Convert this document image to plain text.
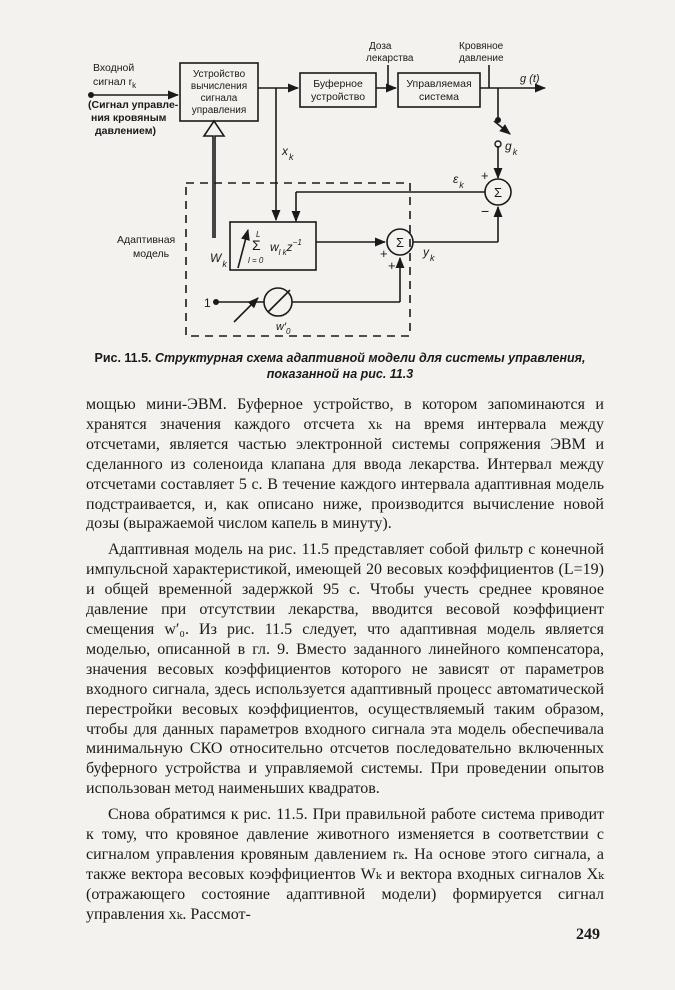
Входной
сигнал $r_k$
(Сигнал управле-
ния кровяным
давлением)
Устройство
вычисления
сигнала
управления
Буферное
устройство
Управляемая
система
Доза
лекарства
Кровяное
давление
g (t)
$g_k$
$x_k$
$\varepsilon_k$
$y_k$
$W_k$
Адаптивная
модель
L
Σ
l = 0
$w_{l k}z^{-1}$
Σ
Σ
+
−
+
+
1
$w'_0$
Рис. 11.5. Структурная схема адаптивной модели для системы управления, показанной на рис. 11.3

мощью мини-ЭВМ. Буферное устройство, в котором запоминаются и хранятся значения каждого отсчета xₖ на время интервала между отсчетами, является частью электронной системы сопряжения ЭВМ и сделанного из соленоида клапана для ввода лекарства. Интервал между отсчетами составляет 5 с. В течение каждого интервала адаптивная модель подстраивается, и, как описано ниже, производится вычисление новой дозы (выражаемой числом капель в минуту).

Адаптивная модель на рис. 11.5 представляет собой фильтр с конечной импульсной характеристикой, имеющей 20 весовых коэффициентов (L=19) и общей временно́й задержкой 95 с. Чтобы учесть среднее кровяное давление при отсутствии лекарства, вводится весовой коэффициент смещения w′₀. Из рис. 11.5 следует, что адаптивная модель является моделью, описанной в гл. 9. Вместо заданного линейного компенсатора, значения весовых коэффициентов которого не зависят от параметров входного сигнала, здесь используется адаптивный процесс автоматической перестройки весовых коэффициентов, осуществляемый таким образом, чтобы для данных параметров входного сигнала эта модель обеспечивала минимальную СКО относительно отсчетов последовательно включенных буферного устройства и управляемой системы. При проведении опытов использован метод наименьших квадратов.

Снова обратимся к рис. 11.5. При правильной работе система приводит к тому, что кровяное давление животного изменяется в соответствии с сигналом управления кровяным давлением rₖ. На основе этого сигнала, а также вектора весовых коэффициентов Wₖ и вектора входных сигналов Xₖ (отражающего состояние адаптивной модели) формируется сигнал управления xₖ. Рассмот-

249
